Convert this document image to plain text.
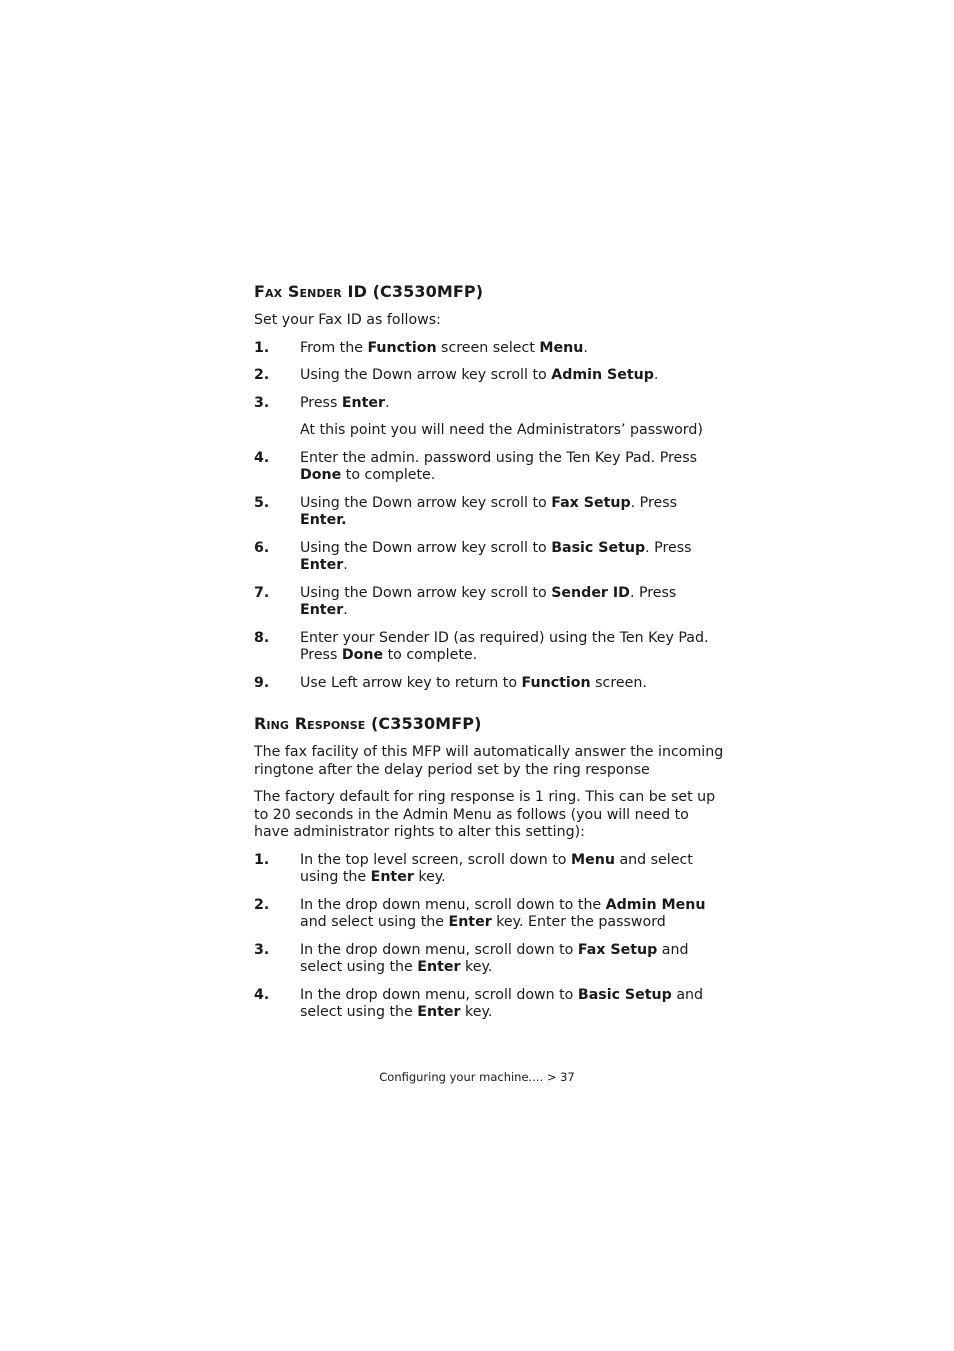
Fax Sender ID (C3530MFP)

Set your Fax ID as follows:

1.	From the Function screen select Menu.
2.	Using the Down arrow key scroll to Admin Setup.
3.	Press Enter.

At this point you will need the Administrators’ password)

4.	Enter the admin. password using the Ten Key Pad. Press Done to complete.
5.	Using the Down arrow key scroll to Fax Setup. Press Enter.
6.	Using the Down arrow key scroll to Basic Setup. Press Enter.
7.	Using the Down arrow key scroll to Sender ID. Press Enter.
8.	Enter your Sender ID (as required) using the Ten Key Pad. Press Done to complete.
9.	Use Left arrow key to return to Function screen.
Ring Response (C3530MFP)

The fax facility of this MFP will automatically answer the incoming ringtone after the delay period set by the ring response

The factory default for ring response is 1 ring. This can be set up to 20 seconds in the Admin Menu as follows (you will need to have administrator rights to alter this setting):

1.	In the top level screen, scroll down to Menu and select using the Enter key.
2.	In the drop down menu, scroll down to the Admin Menu and select using the Enter key. Enter the password
3.	In the drop down menu, scroll down to Fax Setup and select using the Enter key.
4.	In the drop down menu, scroll down to Basic Setup and select using the Enter key.
Configuring your machine.... > 37
